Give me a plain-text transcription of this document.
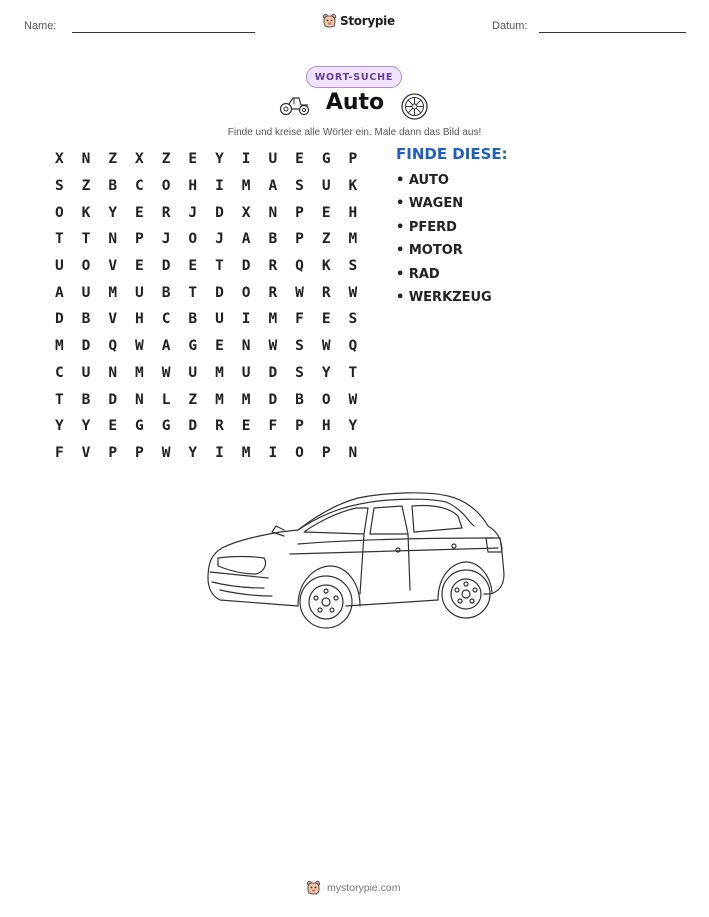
Name:	Storypie	Datum:
WORT-SUCHE
Auto
Finde und kreise alle Wörter ein. Male dann das Bild aus!
X	N	Z	X	Z	E	Y	I	U	E	G	P
S	Z	B	C	O	H	I	M	A	S	U	K
O	K	Y	E	R	J	D	X	N	P	E	H
T	T	N	P	J	O	J	A	B	P	Z	M
U	O	V	E	D	E	T	D	R	Q	K	S
A	U	M	U	B	T	D	O	R	W	R	W
D	B	V	H	C	B	U	I	M	F	E	S
M	D	Q	W	A	G	E	N	W	S	W	Q
C	U	N	M	W	U	M	U	D	S	Y	T
T	B	D	N	L	Z	M	M	D	B	O	W
Y	Y	E	G	G	D	R	E	F	P	H	Y
F	V	P	P	W	Y	I	M	I	O	P	N
FINDE DIESE:
• AUTO
• WAGEN
• PFERD
• MOTOR
• RAD
• WERKZEUG
mystorypie.com
